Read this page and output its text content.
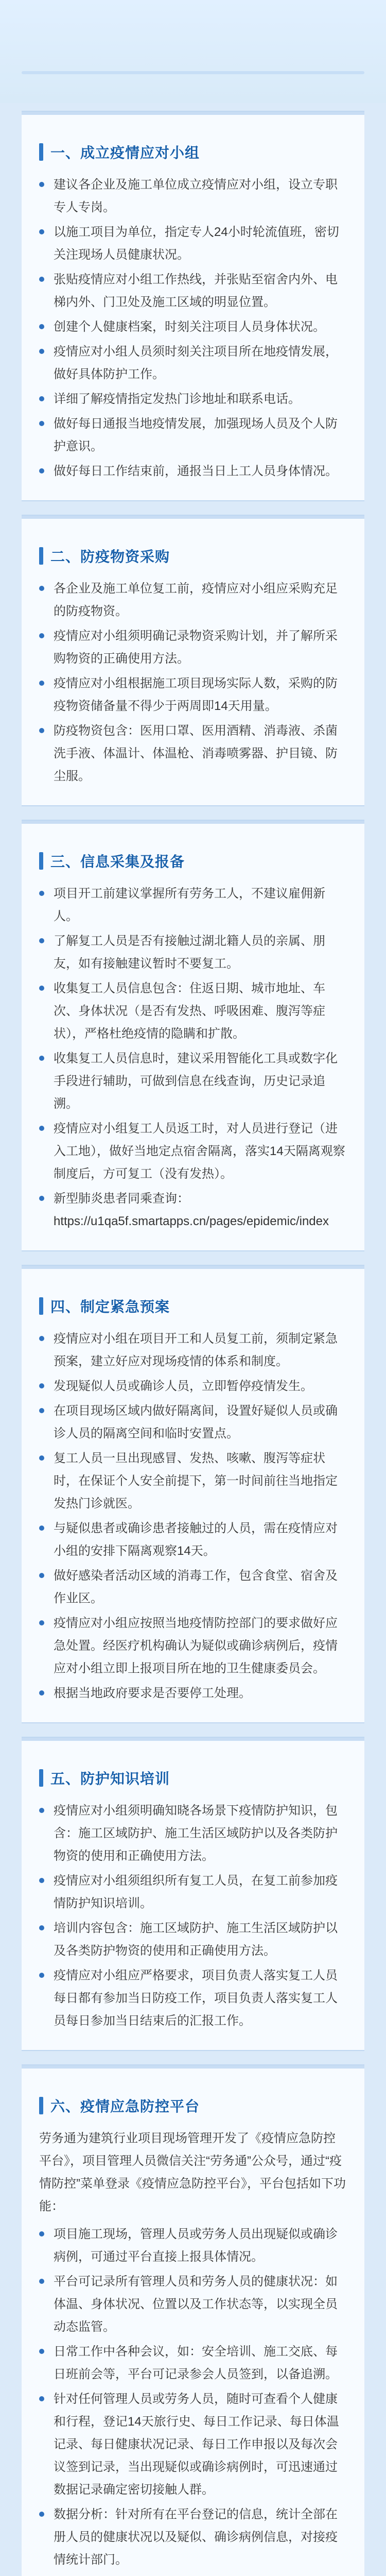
一、成立疫情应对小组
建议各企业及施工单位成立疫情应对小组，设立专职专人专岗。
以施工项目为单位，指定专人24小时轮流值班，密切关注现场人员健康状况。
张贴疫情应对小组工作热线，并张贴至宿舍内外、电梯内外、门卫处及施工区域的明显位置。
创建个人健康档案，时刻关注项目人员身体状况。
疫情应对小组人员须时刻关注项目所在地疫情发展，做好具体防护工作。
详细了解疫情指定发热门诊地址和联系电话。
做好每日通报当地疫情发展，加强现场人员及个人防护意识。
做好每日工作结束前，通报当日上工人员身体情况。
二、防疫物资采购
各企业及施工单位复工前，疫情应对小组应采购充足的防疫物资。
疫情应对小组须明确记录物资采购计划，并了解所采购物资的正确使用方法。
疫情应对小组根据施工项目现场实际人数，采购的防疫物资储备量不得少于两周即14天用量。
防疫物资包含：医用口罩、医用酒精、消毒液、杀菌洗手液、体温计、体温枪、消毒喷雾器、护目镜、防尘服。
三、信息采集及报备
项目开工前建议掌握所有劳务工人，不建议雇佣新人。
了解复工人员是否有接触过湖北籍人员的亲属、朋友，如有接触建议暂时不要复工。
收集复工人员信息包含：住返日期、城市地址、车次、身体状况（是否有发热、呼吸困难、腹泻等症状），严格杜绝疫情的隐瞒和扩散。
收集复工人员信息时，建议采用智能化工具或数字化手段进行辅助，可做到信息在线查询，历史记录追溯。
疫情应对小组复工人员返工时，对人员进行登记（进入工地），做好当地定点宿舍隔离，落实14天隔离观察制度后，方可复工（没有发热）。
新型肺炎患者同乘查询：https://u1qa5f.smartapps.cn/pages/epidemic/index
四、制定紧急预案
疫情应对小组在项目开工和人员复工前，须制定紧急预案，建立好应对现场疫情的体系和制度。
发现疑似人员或确诊人员，立即暂停疫情发生。
在项目现场区域内做好隔离间，设置好疑似人员或确诊人员的隔离空间和临时安置点。
复工人员一旦出现感冒、发热、咳嗽、腹泻等症状时，在保证个人安全前提下，第一时间前往当地指定发热门诊就医。
与疑似患者或确诊患者接触过的人员，需在疫情应对小组的安排下隔离观察14天。
做好感染者活动区域的消毒工作，包含食堂、宿舍及作业区。
疫情应对小组应按照当地疫情防控部门的要求做好应急处置。经医疗机构确认为疑似或确诊病例后，疫情应对小组立即上报项目所在地的卫生健康委员会。
根据当地政府要求是否要停工处理。
五、防护知识培训
疫情应对小组须明确知晓各场景下疫情防护知识，包含：施工区域防护、施工生活区域防护以及各类防护物资的使用和正确使用方法。
疫情应对小组须组织所有复工人员，在复工前参加疫情防护知识培训。
培训内容包含：施工区域防护、施工生活区域防护以及各类防护物资的使用和正确使用方法。
疫情应对小组应严格要求，项目负责人落实复工人员每日都有参加当日防疫工作，项目负责人落实复工人员每日参加当日结束后的汇报工作。
六、疫情应急防控平台

劳务通为建筑行业项目现场管理开发了《疫情应急防控平台》，项目管理人员微信关注“劳务通”公众号，通过“疫情防控”菜单登录《疫情应急防控平台》，平台包括如下功能：

项目施工现场，管理人员或劳务人员出现疑似或确诊病例，可通过平台直接上报具体情况。
平台可记录所有管理人员和劳务人员的健康状况：如体温、身体状况、位置以及工作状态等，以实现全员动态监管。
日常工作中各种会议，如：安全培训、施工交底、每日班前会等，平台可记录参会人员签到，以备追溯。
针对任何管理人员或劳务人员，随时可查看个人健康和行程，登记14天旅行史、每日工作记录、每日体温记录、每日健康状况记录、每日工作申报以及每次会议签到记录，当出现疑似或确诊病例时，可迅速通过数据记录确定密切接触人群。
数据分析：针对所有在平台登记的信息，统计全部在册人员的健康状况以及疑似、确诊病例信息，对接疫情统计部门。
